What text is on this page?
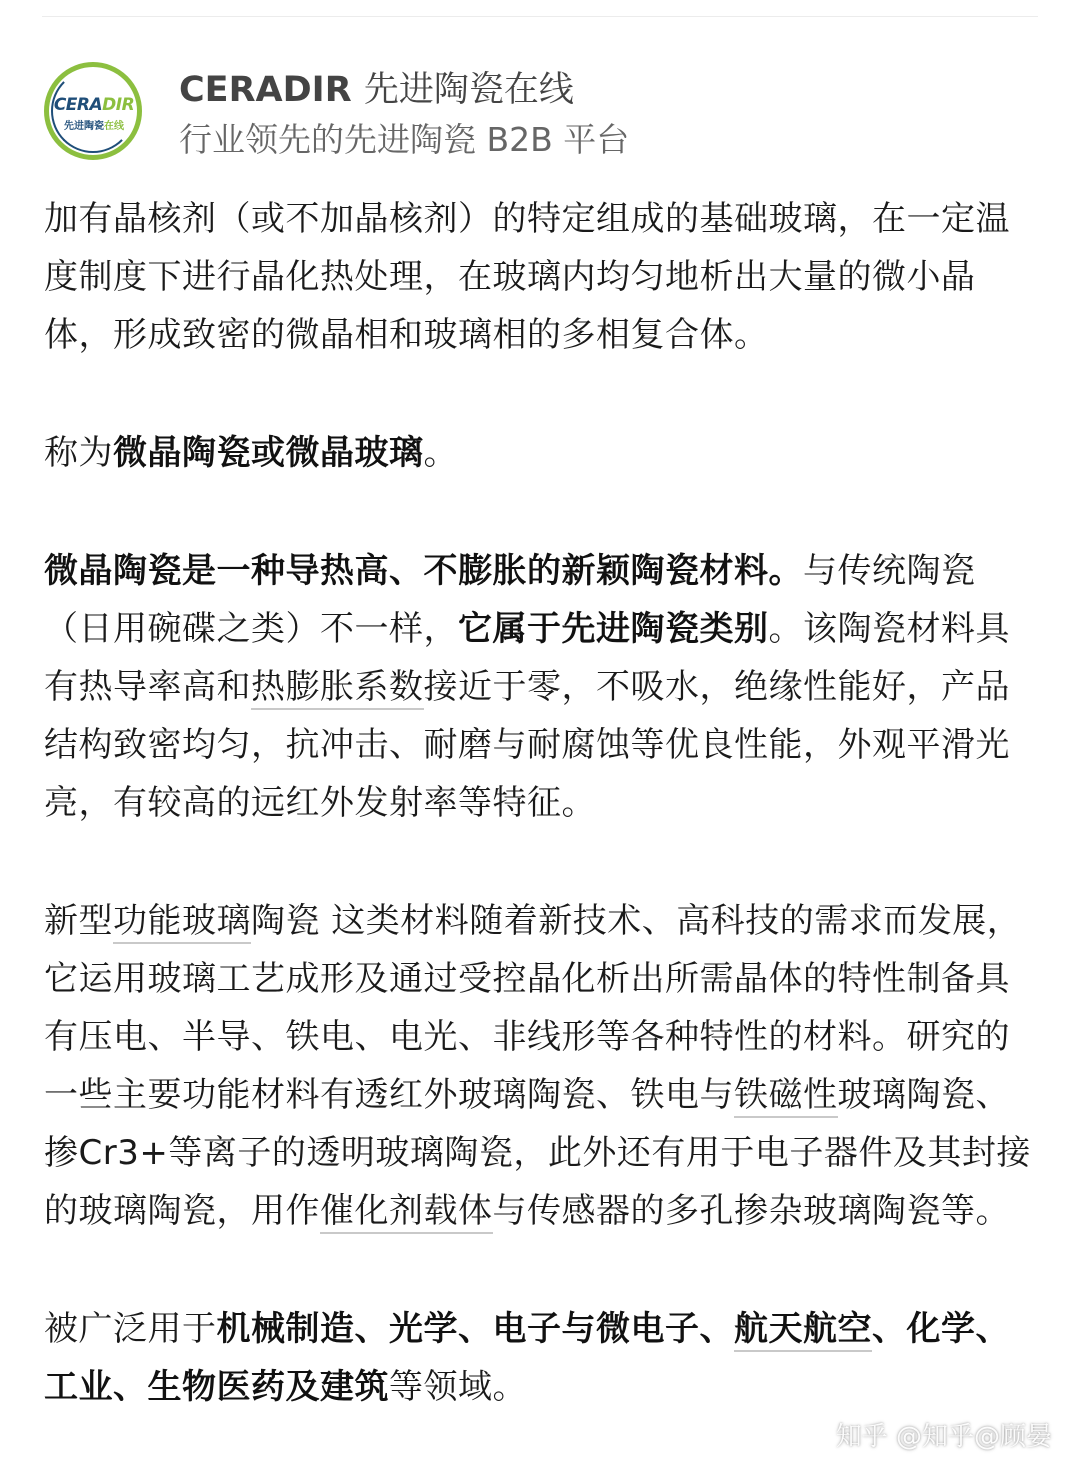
CERADIR
先进陶瓷在线
CERADIR 先进陶瓷在线
行业领先的先进陶瓷 B2B 平台

加有晶核剂（或不加晶核剂）的特定组成的基础玻璃，在一定温度制度下进行晶化热处理，在玻璃内均匀地析出大量的微小晶体，形成致密的微晶相和玻璃相的多相复合体。

称为微晶陶瓷或微晶玻璃。

微晶陶瓷是一种导热高、不膨胀的新颖陶瓷材料。与传统陶瓷（日用碗碟之类）不一样，它属于先进陶瓷类别。该陶瓷材料具有热导率高和热膨胀系数接近于零，不吸水，绝缘性能好，产品结构致密均匀，抗冲击、耐磨与耐腐蚀等优良性能，外观平滑光亮，有较高的远红外发射率等特征。

新型功能玻璃陶瓷 这类材料随着新技术、高科技的需求而发展，它运用玻璃工艺成形及通过受控晶化析出所需晶体的特性制备具有压电、半导、铁电、电光、非线形等各种特性的材料。研究的一些主要功能材料有透红外玻璃陶瓷、铁电与铁磁性玻璃陶瓷、掺Cr3+等离子的透明玻璃陶瓷，此外还有用于电子器件及其封接的玻璃陶瓷，用作催化剂载体与传感器的多孔掺杂玻璃陶瓷等。

被广泛用于机械制造、光学、电子与微电子、航天航空、化学、工业、生物医药及建筑等领域。

知乎 @知乎@顾晏
